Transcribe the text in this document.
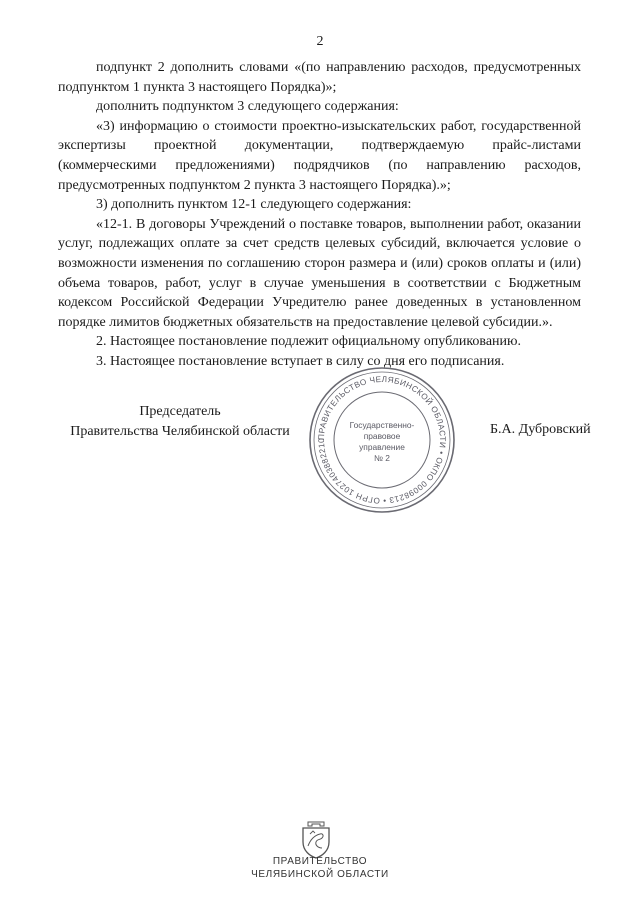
2

подпункт 2 дополнить словами «(по направлению расходов, предусмотренных подпунктом 1 пункта 3 настоящего Порядка)»;

дополнить подпунктом 3 следующего содержания:

«3) информацию о стоимости проектно-изыскательских работ, государственной экспертизы проектной документации, подтверждаемую прайс-листами (коммерческими предложениями) подрядчиков (по направлению расходов, предусмотренных подпунктом 2 пункта 3 настоящего Порядка).»;

3) дополнить пунктом 12-1 следующего содержания:

«12-1. В договоры Учреждений о поставке товаров, выполнении работ, оказании услуг, подлежащих оплате за счет средств целевых субсидий, включается условие о возможности изменения по соглашению сторон размера и (или) сроков оплаты и (или) объема товаров, работ, услуг в случае уменьшения в соответствии с Бюджетным кодексом Российской Федерации Учредителю ранее доведенных в установленном порядке лимитов бюджетных обязательств на предоставление целевой субсидии.».

2. Настоящее постановление подлежит официальному опубликованию.

3. Настоящее постановление вступает в силу со дня его подписания.

Председатель
Правительства Челябинской области	ПРАВИТЕЛЬСТВО ЧЕЛЯБИНСКОЙ ОБЛАСТИ • ОКПО 00098213 • ОГРН 1027403882210
Государственно-
правовое
управление
№ 2
Б.А. Дубровский
ПРАВИТЕЛЬСТВО
ЧЕЛЯБИНСКОЙ ОБЛАСТИ
